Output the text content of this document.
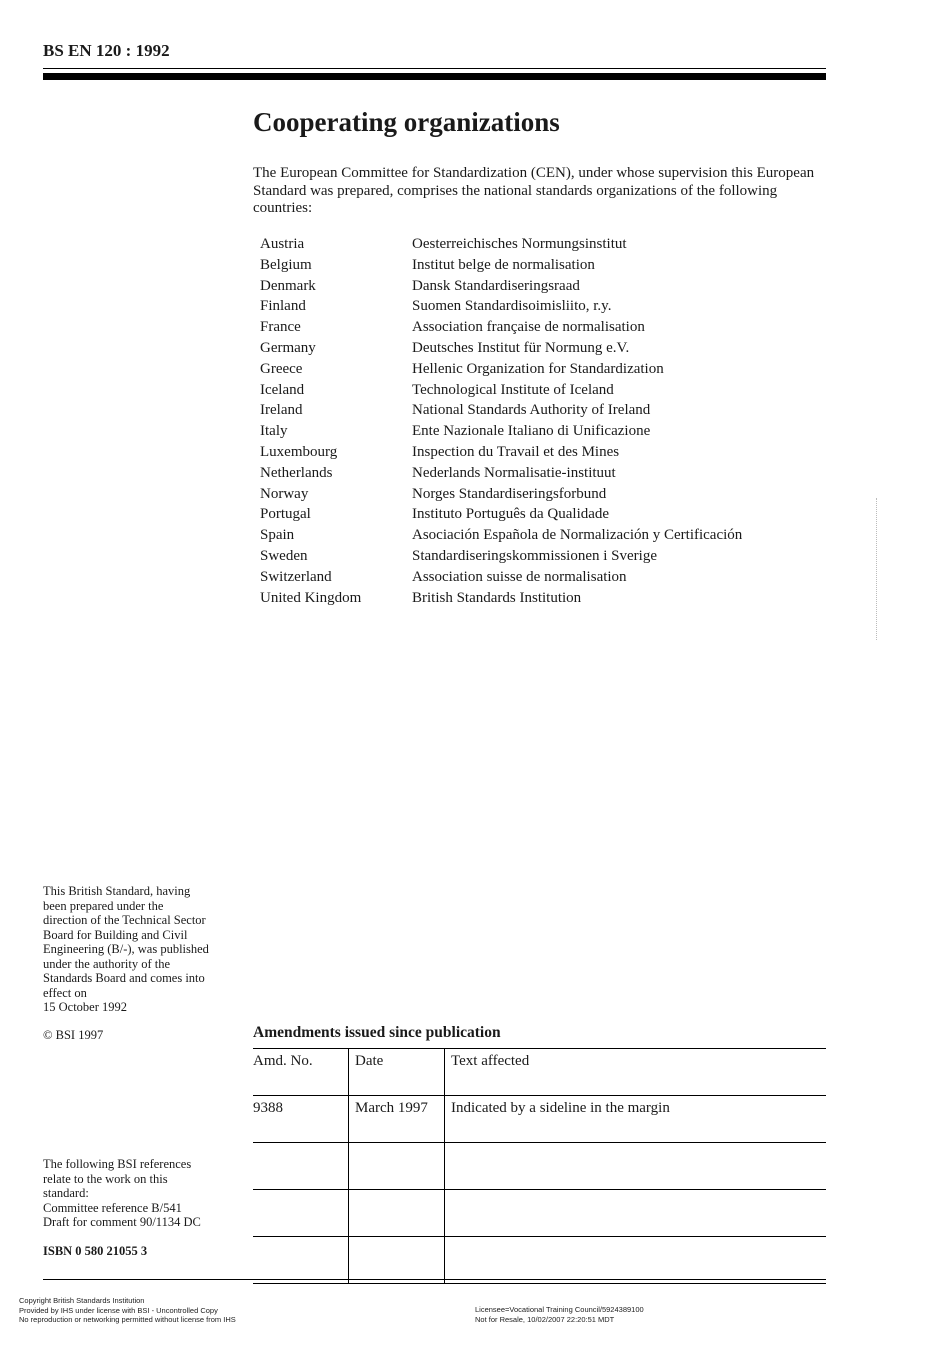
BS EN 120 : 1992
Cooperating organizations
The European Committee for Standardization (CEN), under whose supervision this European Standard was prepared, comprises the national standards organizations of the following countries:
Austria	Oesterreichisches Normungsinstitut
Belgium	Institut belge de normalisation
Denmark	Dansk Standardiseringsraad
Finland	Suomen Standardisoimisliito, r.y.
France	Association française de normalisation
Germany	Deutsches Institut für Normung e.V.
Greece	Hellenic Organization for Standardization
Iceland	Technological Institute of Iceland
Ireland	National Standards Authority of Ireland
Italy	Ente Nazionale Italiano di Unificazione
Luxembourg	Inspection du Travail et des Mines
Netherlands	Nederlands Normalisatie-instituut
Norway	Norges Standardiseringsforbund
Portugal	Instituto Português da Qualidade
Spain	Asociación Española de Normalización y Certificación
Sweden	Standardiseringskommissionen i Sverige
Switzerland	Association suisse de normalisation
United Kingdom	British Standards Institution
This British Standard, having
been prepared under the
direction of the Technical Sector
Board for Building and Civil
Engineering (B/-), was published
under the authority of the
Standards Board and comes into
effect on
15 October 1992
© BSI 1997	Amendments issued since publication
Amd. No.	Date	Text affected
9388	March 1997	Indicated by a sideline in the margin

The following BSI references
relate to the work on this
standard:
Committee reference B/541
Draft for comment 90/1134 DC
ISBN 0 580 21055 3
Copyright British Standards Institution
Provided by IHS under license with BSI - Uncontrolled Copy
No reproduction or networking permitted without license from IHS
Licensee=Vocational Training Council/5924389100
Not for Resale, 10/02/2007 22:20:51 MDT
